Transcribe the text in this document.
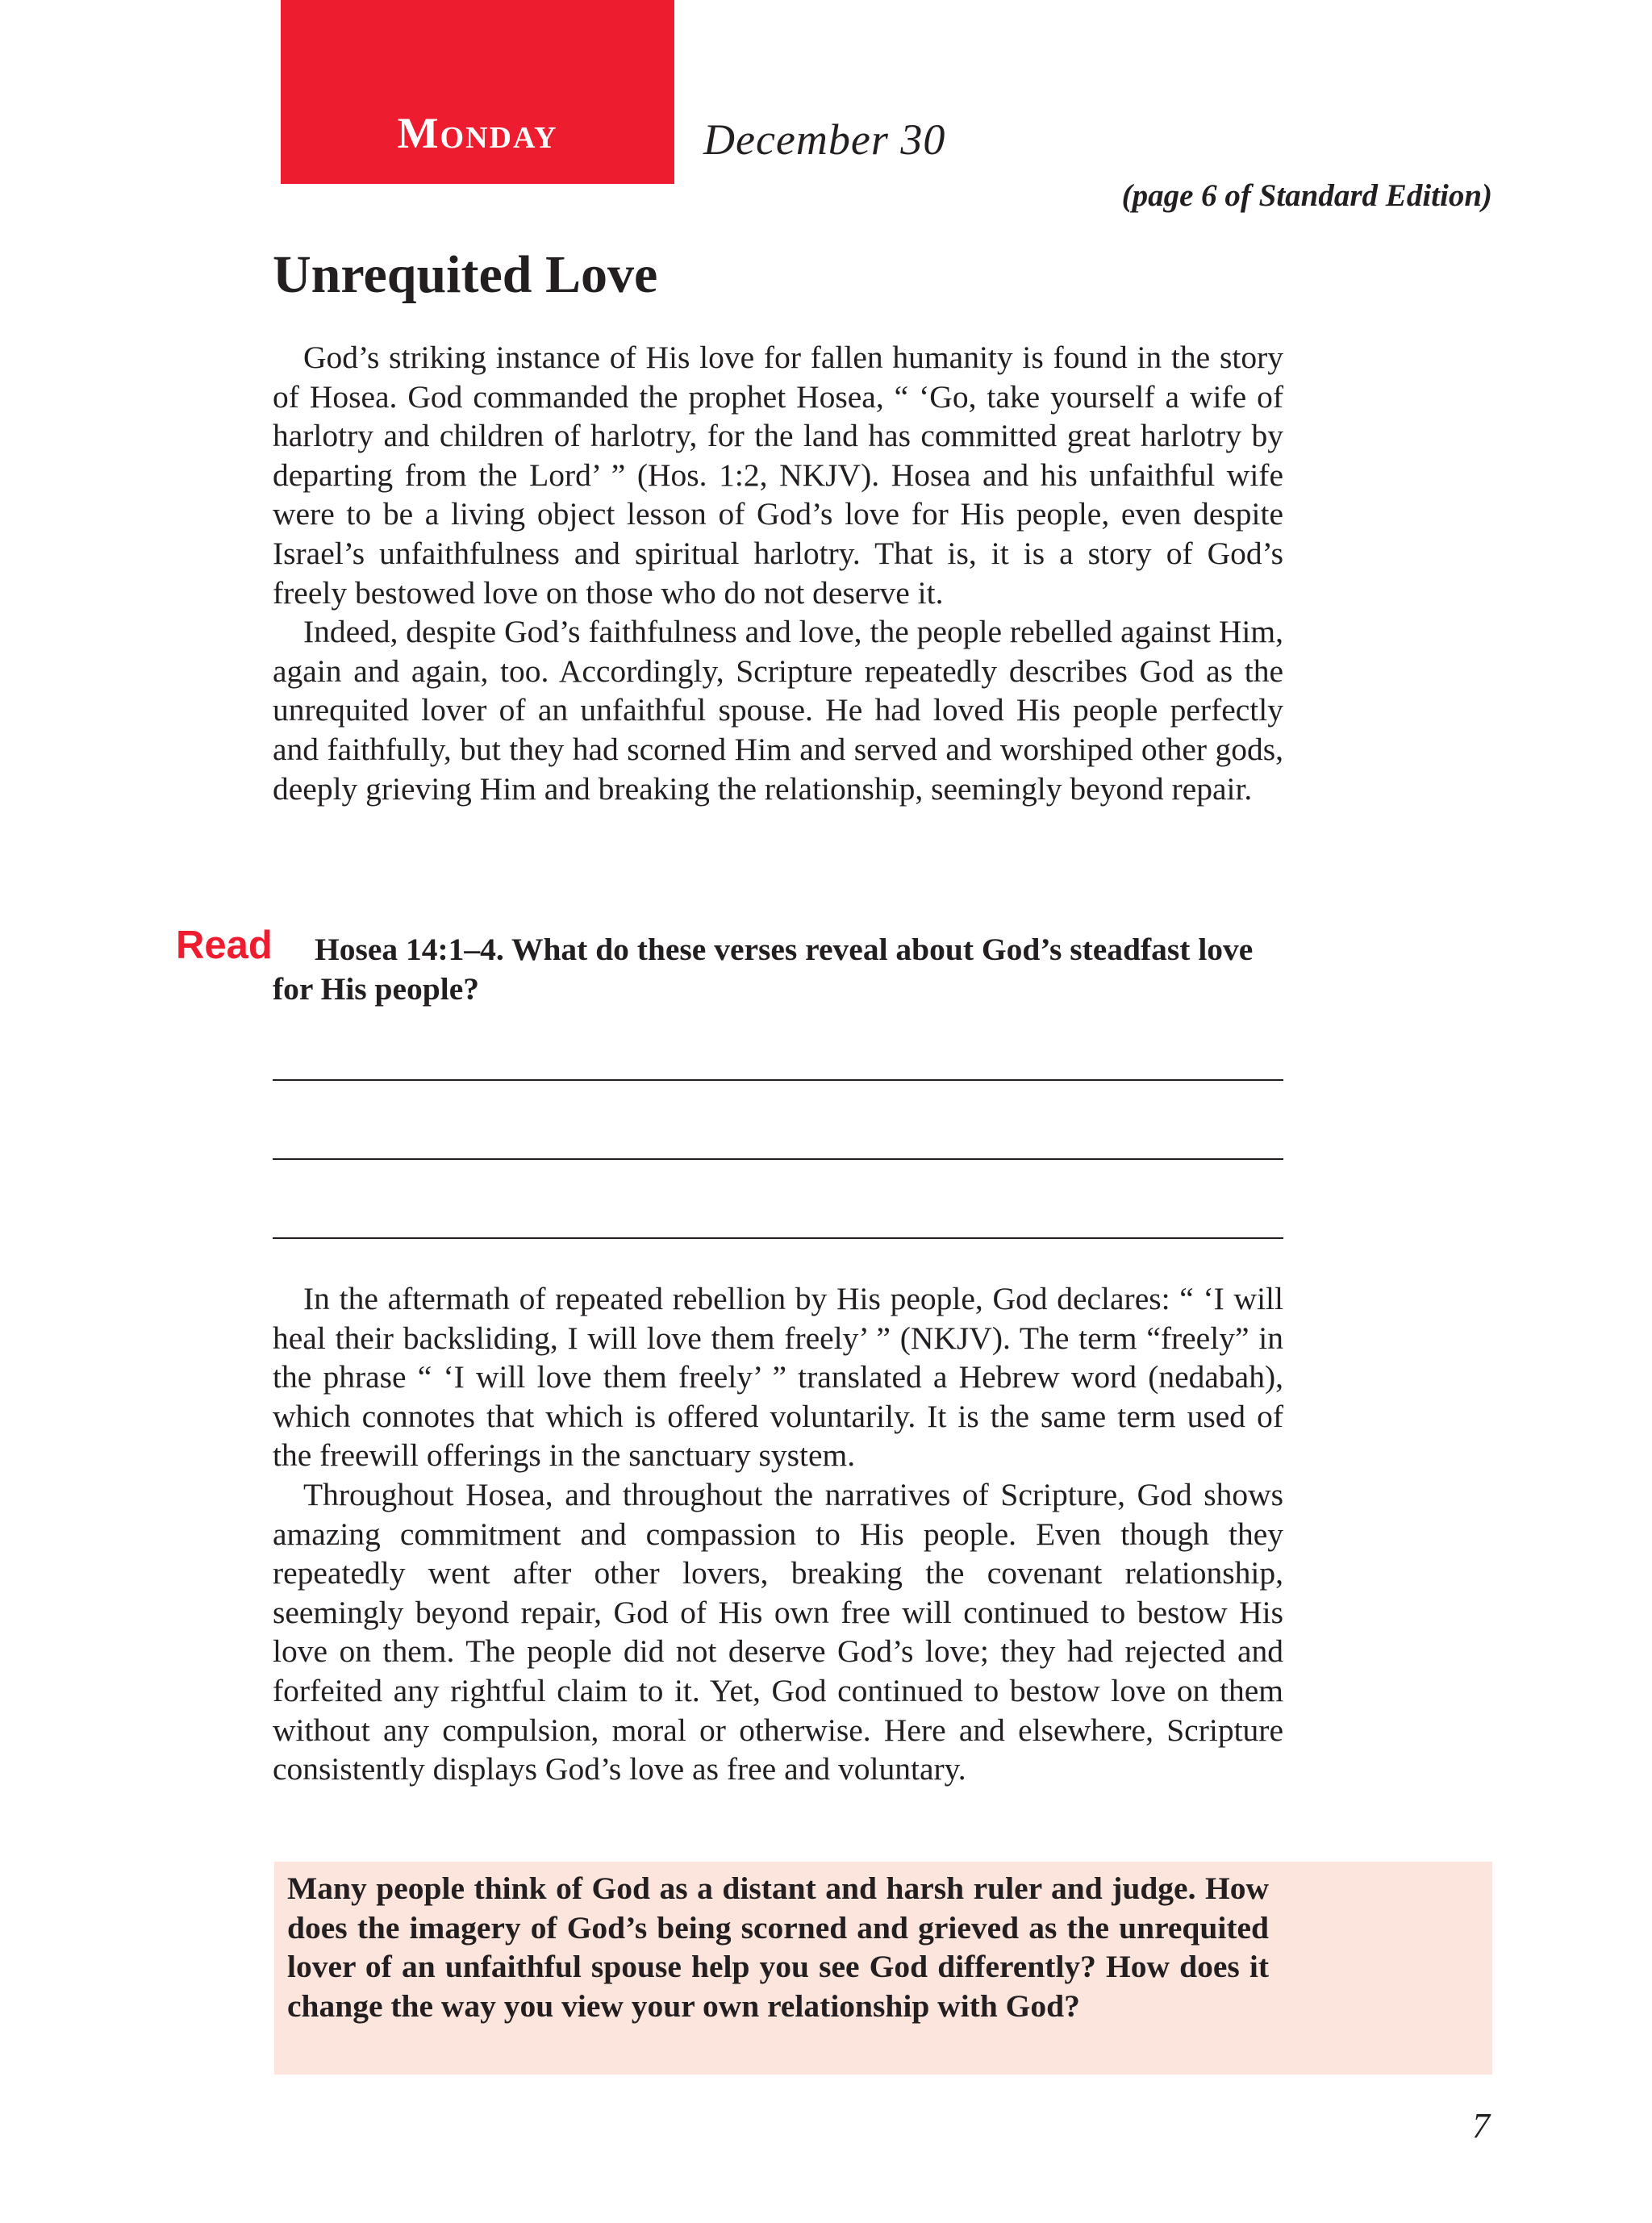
Monday	December 30
(page 6 of Standard Edition)
Unrequited Love

God’s striking instance of His love for fallen humanity is found in the story of Hosea. God commanded the prophet Hosea, “ ‘Go, take yourself a wife of harlotry and children of harlotry, for the land has committed great harlotry by departing from the Lord’ ” (Hos. 1:2, NKJV). Hosea and his unfaithful wife were to be a living object lesson of God’s love for His people, even despite Israel’s unfaithfulness and spiritual harlotry. That is, it is a story of God’s freely bestowed love on those who do not deserve it.

Indeed, despite God’s faithfulness and love, the people rebelled against Him, again and again, too. Accordingly, Scripture repeatedly describes God as the unrequited lover of an unfaithful spouse. He had loved His people perfectly and faithfully, but they had scorned Him and served and worshiped other gods, deeply grieving Him and breaking the relationship, seemingly beyond repair.

Read	Hosea 14:1–4. What do these verses reveal about God’s steadfast love for His people?

In the aftermath of repeated rebellion by His people, God declares: “ ‘I will heal their backsliding, I will love them freely’ ” (NKJV). The term “freely” in the phrase “ ‘I will love them freely’ ” translated a Hebrew word (nedabah), which connotes that which is offered voluntarily. It is the same term used of the freewill offerings in the sanctuary system.

Throughout Hosea, and throughout the narratives of Scripture, God shows amazing commitment and compassion to His people. Even though they repeatedly went after other lovers, breaking the covenant relationship, seemingly beyond repair, God of His own free will continued to bestow His love on them. The people did not deserve God’s love; they had rejected and forfeited any rightful claim to it. Yet, God continued to bestow love on them without any compulsion, moral or otherwise. Here and elsewhere, Scripture consistently displays God’s love as free and voluntary.

Many people think of God as a distant and harsh ruler and judge. How does the imagery of God’s being scorned and grieved as the unrequited lover of an unfaithful spouse help you see God differently? How does it change the way you view your own relationship with God?
7
